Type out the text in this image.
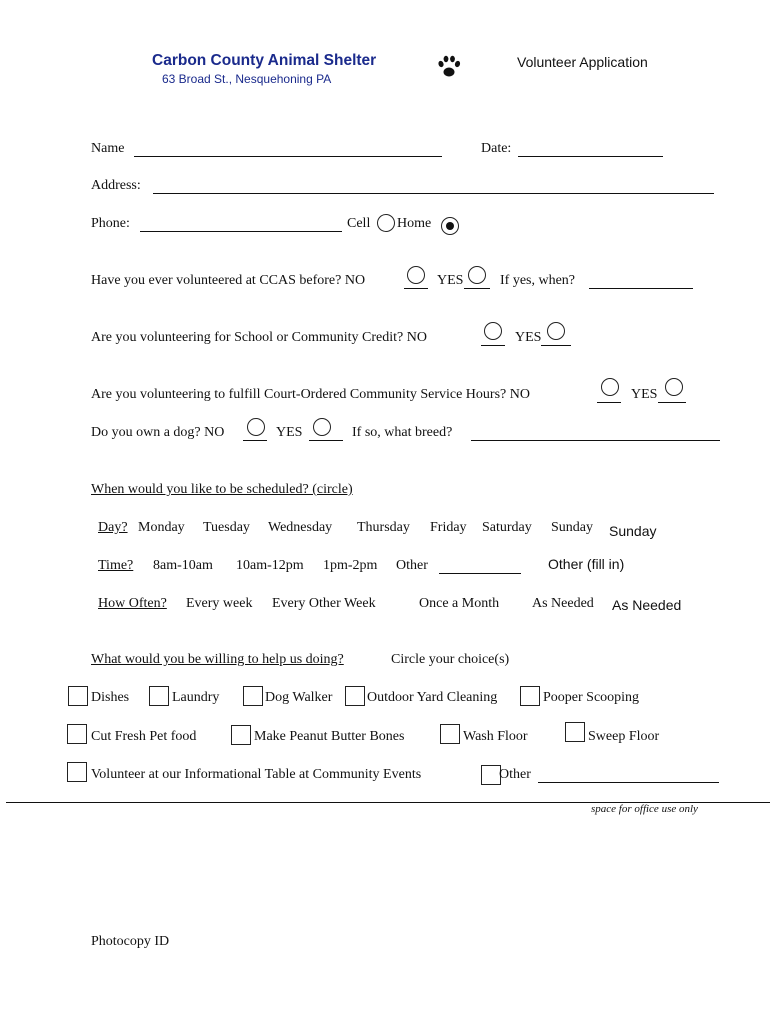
Carbon County Animal Shelter
63 Broad St., Nesquehoning PA
Volunteer Application
Name	Date:
Address:
Phone:	Cell Home
Have you ever volunteered at CCAS before? NO	YES	If yes, when?
Are you volunteering for School or Community Credit? NO	YES
Are you volunteering to fulfill Court-Ordered Community Service Hours? NO	YES
Do you own a dog? NO	YES	If so, what breed?
When would you like to be scheduled? (circle)
Day? Monday Tuesday Wednesday Thursday Friday Saturday Sunday Sunday
Time? 8am-10am 10am-12pm 1pm-2pm Other	Other (fill in)
How Often? Every week Every Other Week	Once a Month As Needed As Needed
What would you be willing to help us doing?	Circle your choice(s)
Dishes	Laundry	Dog Walker Outdoor Yard Cleaning	Pooper Scooping
Cut Fresh Pet food	Make Peanut Butter Bones	Wash Floor	Sweep Floor
Volunteer at our Informational Table at Community Events	Other
space for office use only
Photocopy ID
